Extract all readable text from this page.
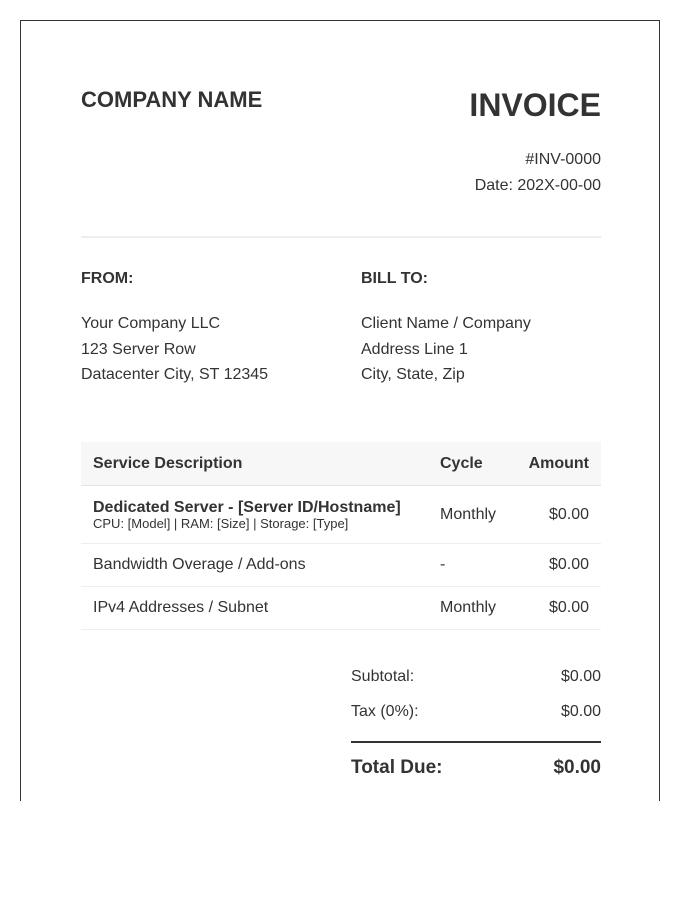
COMPANY NAME	INVOICE
#INV-0000
Date: 202X-00-00
FROM:
Your Company LLC
123 Server Row
Datacenter City, ST 12345
BILL TO:
Client Name / Company
Address Line 1
City, State, Zip
Service Description	Cycle	Amount

Dedicated Server - [Server ID/Hostname]
CPU: [Model] | RAM: [Size] | Storage: [Type]	Monthly	$0.00
Bandwidth Overage / Add-ons	-	$0.00
IPv4 Addresses / Subnet	Monthly	$0.00
Subtotal:	$0.00
Tax (0%):	$0.00
Total Due:	$0.00
